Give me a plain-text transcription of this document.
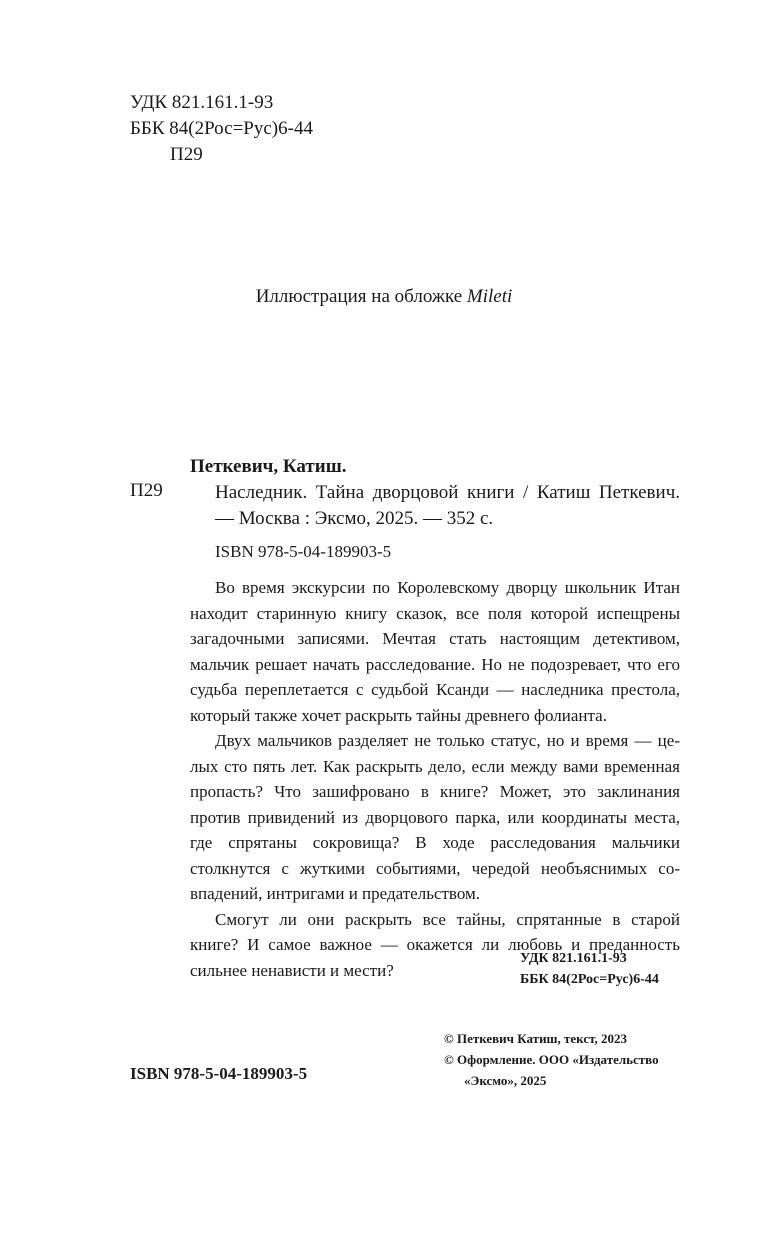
УДК 821.161.1-93
ББК 84(2Рос=Рус)6-44
П29
Иллюстрация на обложке Mileti
Петкевич, Катиш.
П29	Наследник. Тайна дворцовой книги / Катиш Петкевич. — Москва : Эксмо, 2025. — 352 с.
ISBN 978-5-04-189903-5

Во время экскурсии по Королевскому дворцу школьник Итан находит старинную книгу сказок, все поля которой испещрены загадочными записями. Мечтая стать настоящим детективом, мальчик решает начать расследование. Но не подозревает, что его судьба переплетается с судьбой Ксанди — наследника престола, который также хочет раскрыть тайны древнего фолианта.

Двух мальчиков разделяет не только статус, но и время — целых сто пять лет. Как раскрыть дело, если между вами временная пропасть? Что зашифровано в книге? Может, это заклинания против привидений из дворцового парка, или координаты места, где спрятаны сокровища? В ходе расследования мальчики столкнутся с жуткими событиями, чередой необъяснимых совпадений, интригами и предательством.

Смогут ли они раскрыть все тайны, спрятанные в старой книге? И самое важное — окажется ли любовь и преданность сильнее ненависти и мести?

УДК 821.161.1-93
ББК 84(2Рос=Рус)6-44
© Петкевич Катиш, текст, 2023
© Оформление. ООО «Издательство
«Эксмо», 2025
ISBN 978-5-04-189903-5
